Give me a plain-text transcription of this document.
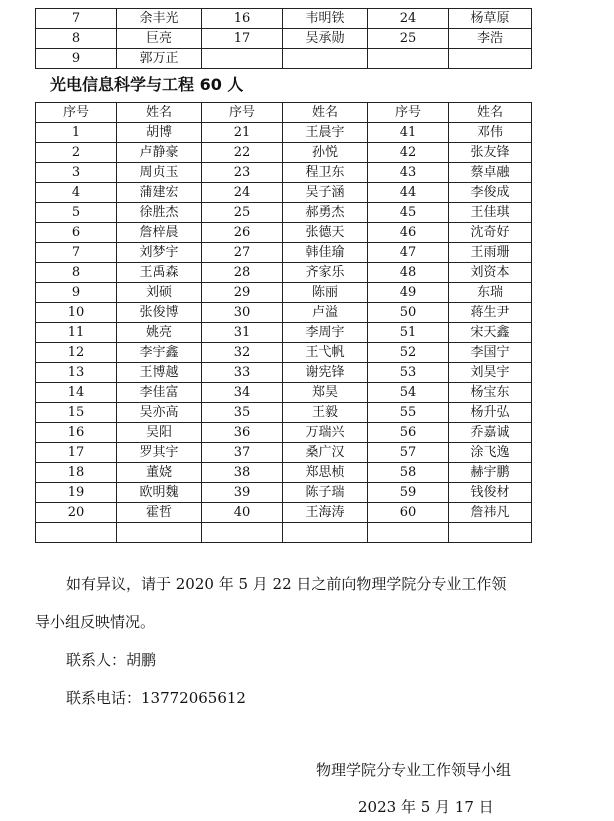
7	余丰光	16	韦明铁	24	杨草原
8	巨亮	17	吴承勋	25	李浩
9	郭万正				
光电信息科学与工程 60 人
序号	姓名	序号	姓名	序号	姓名
1	胡博	21	王晨宇	41	邓伟
2	卢静豪	22	孙悦	42	张友锋
3	周贞玉	23	程卫东	43	蔡卓融
4	蒲建宏	24	吴子涵	44	李俊成
5	徐胜杰	25	郝勇杰	45	王佳琪
6	詹梓晨	26	张德天	46	沈奇好
7	刘梦宇	27	韩佳瑜	47	王雨珊
8	王禹森	28	齐家乐	48	刘资本
9	刘硕	29	陈丽	49	东瑞
10	张俊博	30	卢溢	50	蒋生尹
11	姚亮	31	李周宇	51	宋天鑫
12	李宇鑫	32	王弋帆	52	李国宁
13	王博越	33	谢宪锋	53	刘昊宇
14	李佳富	34	郑昊	54	杨宝东
15	吴亦高	35	王毅	55	杨升弘
16	吴阳	36	万瑞兴	56	乔嘉诚
17	罗其宇	37	桑广汉	57	涂飞逸
18	董娆	38	郑思桢	58	赫宇鹏
19	欧明魏	39	陈子瑞	59	钱俊材
20	霍哲	40	王海涛	60	詹祎凡

如有异议，请于 2020 年 5 月 22 日之前向物理学院分专业工作领

导小组反映情况。

联系人：胡鹏

联系电话：13772065612

物理学院分专业工作领导小组

2023 年 5 月 17 日
